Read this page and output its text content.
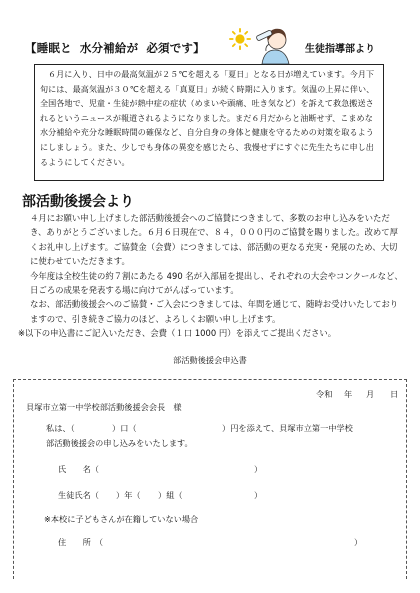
【睡眠と 水分補給が 必須です】	生徒指導部より

６月に入り、日中の最高気温が２５℃を超える「夏日」となる日が増えています。今月下旬には、最高気温が３０℃を超える「真夏日」が続く時期に入ります。気温の上昇に伴い、全国各地で、児童・生徒が熱中症の症状（めまいや頭痛、吐き気など）を訴えて救急搬送されるというニュースが報道されるようになりました。まだ６月だからと油断せず、こまめな水分補給や充分な睡眠時間の確保など、自分自身の身体と健康を守るための対策を取るようにしましょう。また、少しでも身体の異変を感じたら、我慢せずにすぐに先生たちに申し出るようにしてください。

部活動後援会より

４月にお願い申し上げました部活動後援会へのご協賛につきまして、多数のお申し込みをいただき、ありがとうございました。６月６日現在で、８４，０００円のご協賛を賜りました。改めて厚くお礼申し上げます。ご協賛金（会費）につきましては、部活動の更なる充実・発展のため、大切に使わせていただきます。

今年度は全校生徒の約７割にあたる 490 名が入部届を提出し、それぞれの大会やコンクールなど、日ごろの成果を発表する場に向けてがんばっています。

なお、部活動後援会へのご協賛・ご入会につきましては、年間を通じて、随時お受けいたしておりますので、引き続きご協力のほど、よろしくお願い申し上げます。

※以下の申込書にご記入いただき、会費（１口 1000 円）を添えてご提出ください。

部活動後援会申込書
令和 年 月 日
貝塚市立第一中学校部活動後援会会長　様
私は、（	）口（	）円を添えて、貝塚市立第一中学校
部活動後援会の申し込みをいたします。
氏　　名（	）
生徒氏名（ ）年（ ）組（	）
※本校に子どもさんが在籍していない場合
住　　所　（	）
